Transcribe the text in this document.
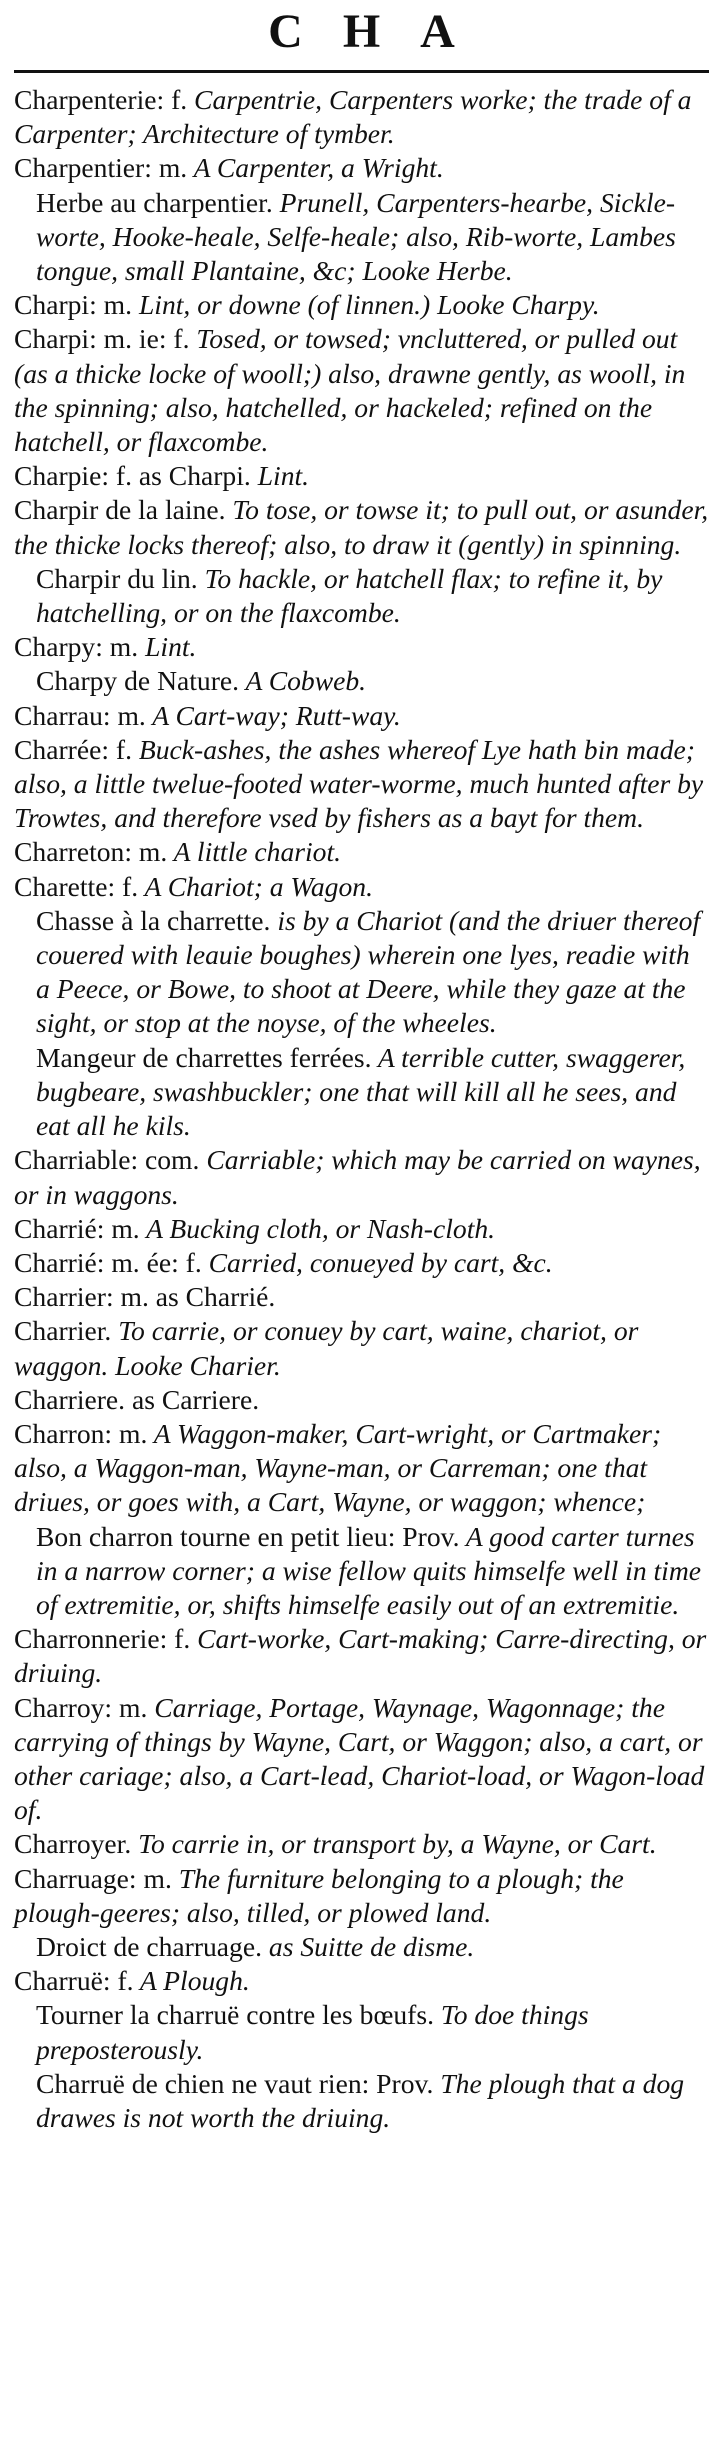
CHA

Charpenterie: f. Carpentrie, Carpenters worke; the trade of a Carpenter; Architecture of tymber.

Charpentier: m. A Carpenter, a Wright.

Herbe au charpentier. Prunell, Carpenters-hearbe, Sickle-worte, Hooke-heale, Selfe-heale; also, Rib-worte, Lambes tongue, small Plantaine, &c; Looke Herbe.

Charpi: m. Lint, or downe (of linnen.) Looke Charpy.

Charpi: m. ie: f. Tosed, or towsed; vncluttered, or pulled out (as a thicke locke of wooll;) also, drawne gently, as wooll, in the spinning; also, hatchelled, or hackeled; refined on the hatchell, or flaxcombe.

Charpie: f. as Charpi. Lint.

Charpir de la laine. To tose, or towse it; to pull out, or asunder, the thicke locks thereof; also, to draw it (gently) in spinning.

Charpir du lin. To hackle, or hatchell flax; to refine it, by hatchelling, or on the flaxcombe.

Charpy: m. Lint.

Charpy de Nature. A Cobweb.

Charrau: m. A Cart-way; Rutt-way.

Charrée: f. Buck-ashes, the ashes whereof Lye hath bin made; also, a little twelue-footed water-worme, much hunted after by Trowtes, and therefore vsed by fishers as a bayt for them.

Charreton: m. A little chariot.

Charette: f. A Chariot; a Wagon.

Chasse à la charrette. is by a Chariot (and the driuer thereof couered with leauie boughes) wherein one lyes, readie with a Peece, or Bowe, to shoot at Deere, while they gaze at the sight, or stop at the noyse, of the wheeles.

Mangeur de charrettes ferrées. A terrible cutter, swaggerer, bugbeare, swashbuckler; one that will kill all he sees, and eat all he kils.

Charriable: com. Carriable; which may be carried on waynes, or in waggons.

Charrié: m. A Bucking cloth, or Nash-cloth.

Charrié: m. ée: f. Carried, conueyed by cart, &c.

Charrier: m. as Charrié.

Charrier. To carrie, or conuey by cart, waine, chariot, or waggon. Looke Charier.

Charriere. as Carriere.

Charron: m. A Waggon-maker, Cart-wright, or Cartmaker; also, a Waggon-man, Wayne-man, or Carreman; one that driues, or goes with, a Cart, Wayne, or waggon; whence;

Bon charron tourne en petit lieu: Prov. A good carter turnes in a narrow corner; a wise fellow quits himselfe well in time of extremitie, or, shifts himselfe easily out of an extremitie.

Charronnerie: f. Cart-worke, Cart-making; Carre-directing, or driuing.

Charroy: m. Carriage, Portage, Waynage, Wagonnage; the carrying of things by Wayne, Cart, or Waggon; also, a cart, or other cariage; also, a Cart-lead, Chariot-load, or Wagon-load of.

Charroyer. To carrie in, or transport by, a Wayne, or Cart.

Charruage: m. The furniture belonging to a plough; the plough-geeres; also, tilled, or plowed land.

Droict de charruage. as Suitte de disme.

Charruë: f. A Plough.

Tourner la charruë contre les bœufs. To doe things preposterously.

Charruë de chien ne vaut rien: Prov. The plough that a dog drawes is not worth the driuing.
